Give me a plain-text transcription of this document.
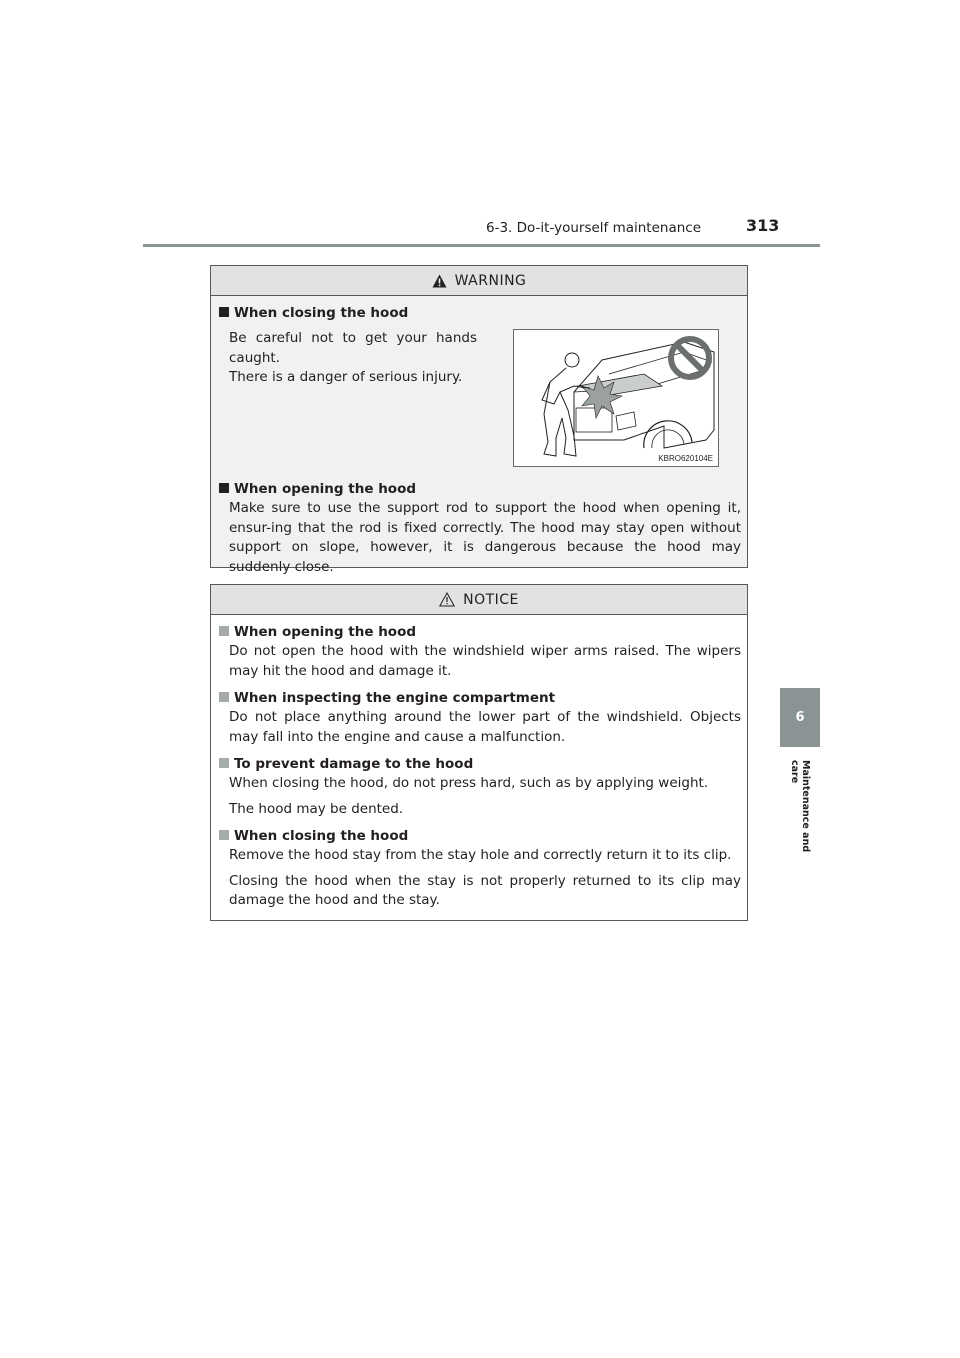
6-3. Do-it-yourself maintenance	313
6
Maintenance and care
WARNING
When closing the hood
Be careful not to get your hands caught.
There is a danger of serious injury.
KBRO620104E
When opening the hood
Make sure to use the support rod to support the hood when opening it, ensur-ing that the rod is fixed correctly. The hood may stay open without support on slope, however, it is dangerous because the hood may suddenly close.
NOTICE
When opening the hood
Do not open the hood with the windshield wiper arms raised. The wipers may hit the hood and damage it.
When inspecting the engine compartment
Do not place anything around the lower part of the windshield. Objects may fall into the engine and cause a malfunction.
To prevent damage to the hood
When closing the hood, do not press hard, such as by applying weight.
The hood may be dented.
When closing the hood
Remove the hood stay from the stay hole and correctly return it to its clip.
Closing the hood when the stay is not properly returned to its clip may damage the hood and the stay.
